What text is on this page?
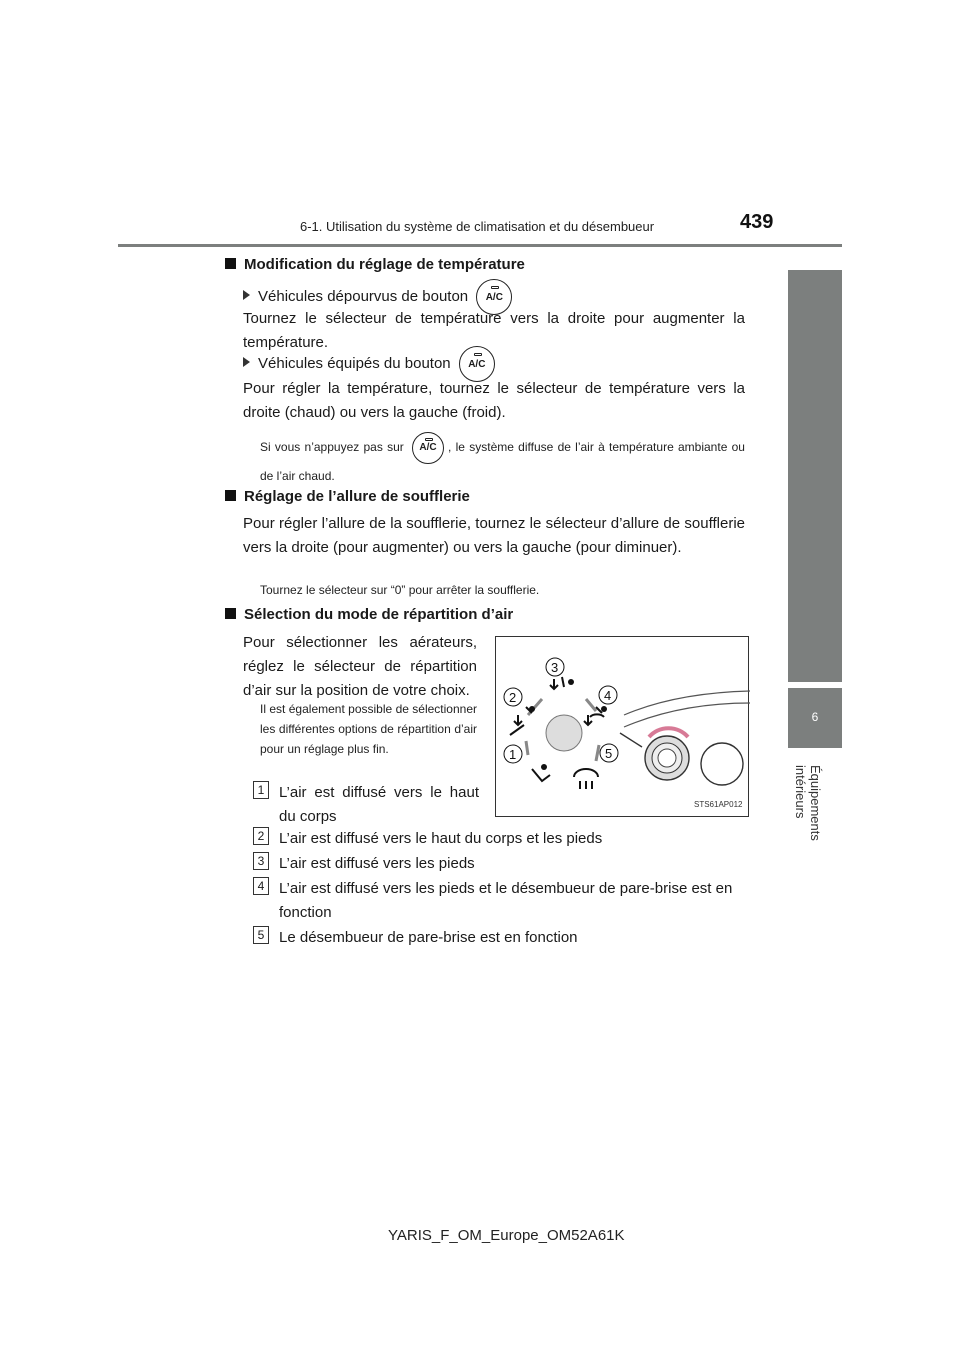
6-1. Utilisation du système de climatisation et du désembueur	439
6
Équipements intérieurs
Modification du réglage de température
Véhicules dépourvus de bouton A/C
Tournez le sélecteur de température vers la droite pour augmenter la température.
Véhicules équipés du bouton A/C
Pour régler la température, tournez le sélecteur de température vers la droite (chaud) ou vers la gauche (froid).
Si vous n’appuyez pas sur A/C , le système diffuse de l’air à température ambiante ou de l’air chaud.
Réglage de l’allure de soufflerie
Pour régler l’allure de la soufflerie, tournez le sélecteur d’allure de soufflerie vers la droite (pour augmenter) ou vers la gauche (pour diminuer).
Tournez le sélecteur sur “0” pour arrêter la soufflerie.
Sélection du mode de répartition d’air
Pour sélectionner les aérateurs, réglez le sélecteur de répartition d’air sur la position de votre choix.
Il est également possible de sélectionner les différentes options de répartition d’air pour un réglage plus fin.
3
2	4
1	5
STS61AP012
1 L’air est diffusé vers le haut du corps
2 L’air est diffusé vers le haut du corps et les pieds
3 L’air est diffusé vers les pieds
4 L’air est diffusé vers les pieds et le désembueur de pare-brise est en fonction
5 Le désembueur de pare-brise est en fonction
YARIS_F_OM_Europe_OM52A61K
